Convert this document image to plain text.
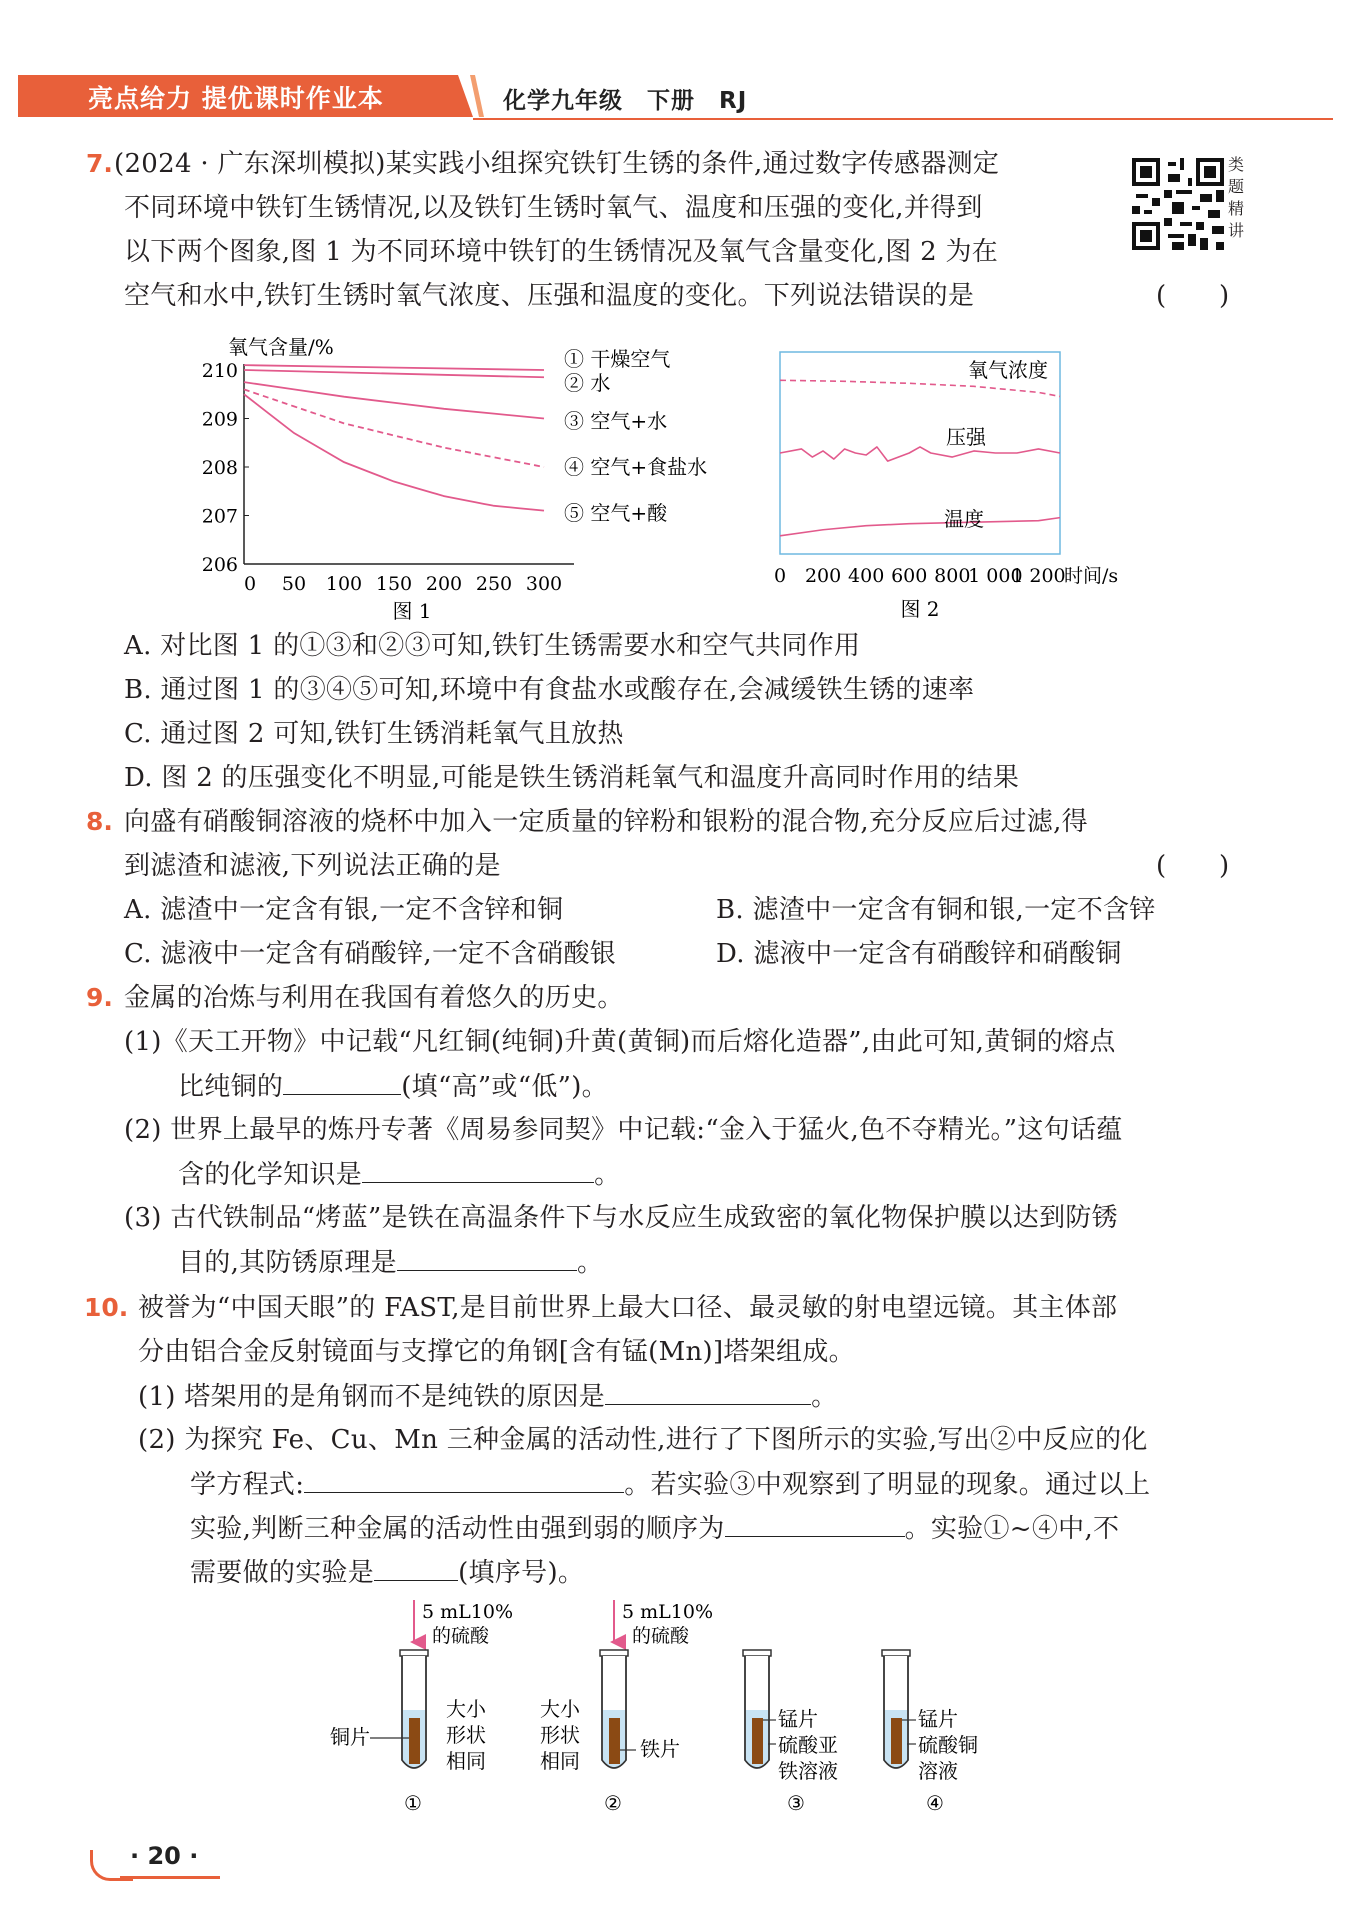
亮点给力 提优课时作业本	化学九年级　下册　RJ
类
题
精
讲
7. (2024 · 广东深圳模拟)某实践小组探究铁钉生锈的条件,通过数字传感器测定
不同环境中铁钉生锈情况,以及铁钉生锈时氧气、温度和压强的变化,并得到
以下两个图象,图 1 为不同环境中铁钉的生锈情况及氧气含量变化,图 2 为在
空气和水中,铁钉生锈时氧气浓度、压强和温度的变化。下列说法错误的是	(　　)
氧气含量/%
206
207
208
209
210
0 50 100 150 200 250 300
① 干燥空气
② 水
③ 空气+水
④ 空气+食盐水
⑤ 空气+酸
图 1
0 200 400 600 800
1 000
1 200
时间/s
氧气浓度
压强
温度
图 2
A. 对比图 1 的①③和②③可知,铁钉生锈需要水和空气共同作用
B. 通过图 1 的③④⑤可知,环境中有食盐水或酸存在,会减缓铁生锈的速率
C. 通过图 2 可知,铁钉生锈消耗氧气且放热
D. 图 2 的压强变化不明显,可能是铁生锈消耗氧气和温度升高同时作用的结果
8. 向盛有硝酸铜溶液的烧杯中加入一定质量的锌粉和银粉的混合物,充分反应后过滤,得
到滤渣和滤液,下列说法正确的是	(　　)
A. 滤渣中一定含有银,一定不含锌和铜	B. 滤渣中一定含有铜和银,一定不含锌
C. 滤液中一定含有硝酸锌,一定不含硝酸银	D. 滤液中一定含有硝酸锌和硝酸铜
9. 金属的冶炼与利用在我国有着悠久的历史。
(1)《天工开物》中记载“凡红铜(纯铜)升黄(黄铜)而后熔化造器”,由此可知,黄铜的熔点
比纯铜的	(填“高”或“低”)。
(2) 世界上最早的炼丹专著《周易参同契》中记载:“金入于猛火,色不夺精光。”这句话蕴
含的化学知识是	。
(3) 古代铁制品“烤蓝”是铁在高温条件下与水反应生成致密的氧化物保护膜以达到防锈
目的,其防锈原理是	。
10. 被誉为“中国天眼”的 FAST,是目前世界上最大口径、最灵敏的射电望远镜。其主体部
分由铝合金反射镜面与支撑它的角钢[含有锰(Mn)]塔架组成。
(1) 塔架用的是角钢而不是纯铁的原因是	。
(2) 为探究 Fe、Cu、Mn 三种金属的活动性,进行了下图所示的实验,写出②中反应的化
学方程式:	。若实验③中观察到了明显的现象。通过以上
实验,判断三种金属的活动性由强到弱的顺序为	。实验①~④中,不
需要做的实验是	(填序号)。
5 mL10%
的硫酸
铜片
大小
形状
相同
①
5 mL10%
的硫酸
铁片
大小
形状
相同
②
锰片
硫酸亚
铁溶液
③
锰片
硫酸铜
溶液
④
· 20 ·
